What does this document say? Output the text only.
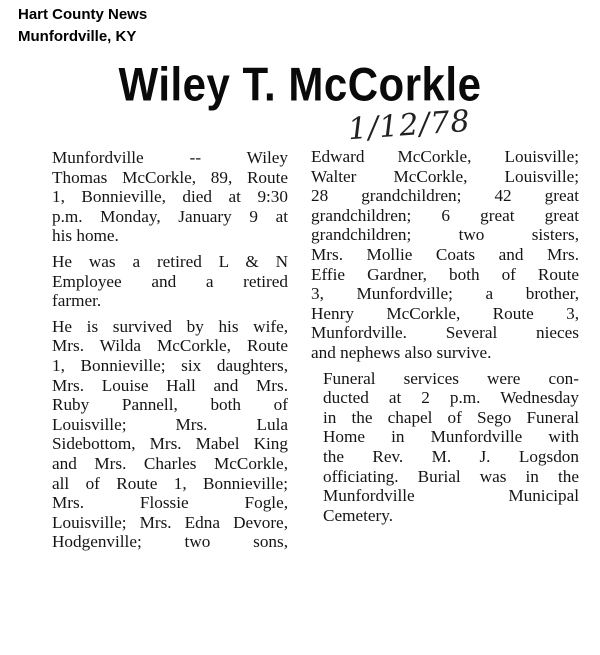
Hart County News
Munfordville, KY
Wiley T. McCorkle
1/12/78

Munfordville -- Wiley
Thomas McCorkle, 89, Route
1, Bonnieville, died at 9:30
p.m. Monday, January 9 at
his home.

He was a retired L & N
Employee and a retired
farmer.

He is survived by his wife,
Mrs. Wilda McCorkle, Route
1, Bonnieville; six daughters,
Mrs. Louise Hall and Mrs.
Ruby Pannell, both of
Louisville; Mrs. Lula
Sidebottom, Mrs. Mabel King
and Mrs. Charles McCorkle,
all of Route 1, Bonnieville;
Mrs. Flossie Fogle,
Louisville; Mrs. Edna Devore,
Hodgenville; two sons,

Edward McCorkle, Louisville;
Walter McCorkle, Louisville;
28 grandchildren; 42 great
grandchildren; 6 great great
grandchildren; two sisters,
Mrs. Mollie Coats and Mrs.
Effie Gardner, both of Route
3, Munfordville; a brother,
Henry McCorkle, Route 3,
Munfordville. Several nieces
and nephews also survive.

Funeral services were con-
ducted at 2 p.m. Wednesday
in the chapel of Sego Funeral
Home in Munfordville with
the Rev. M. J. Logsdon
officiating. Burial was in the
Munfordville Municipal
Cemetery.
